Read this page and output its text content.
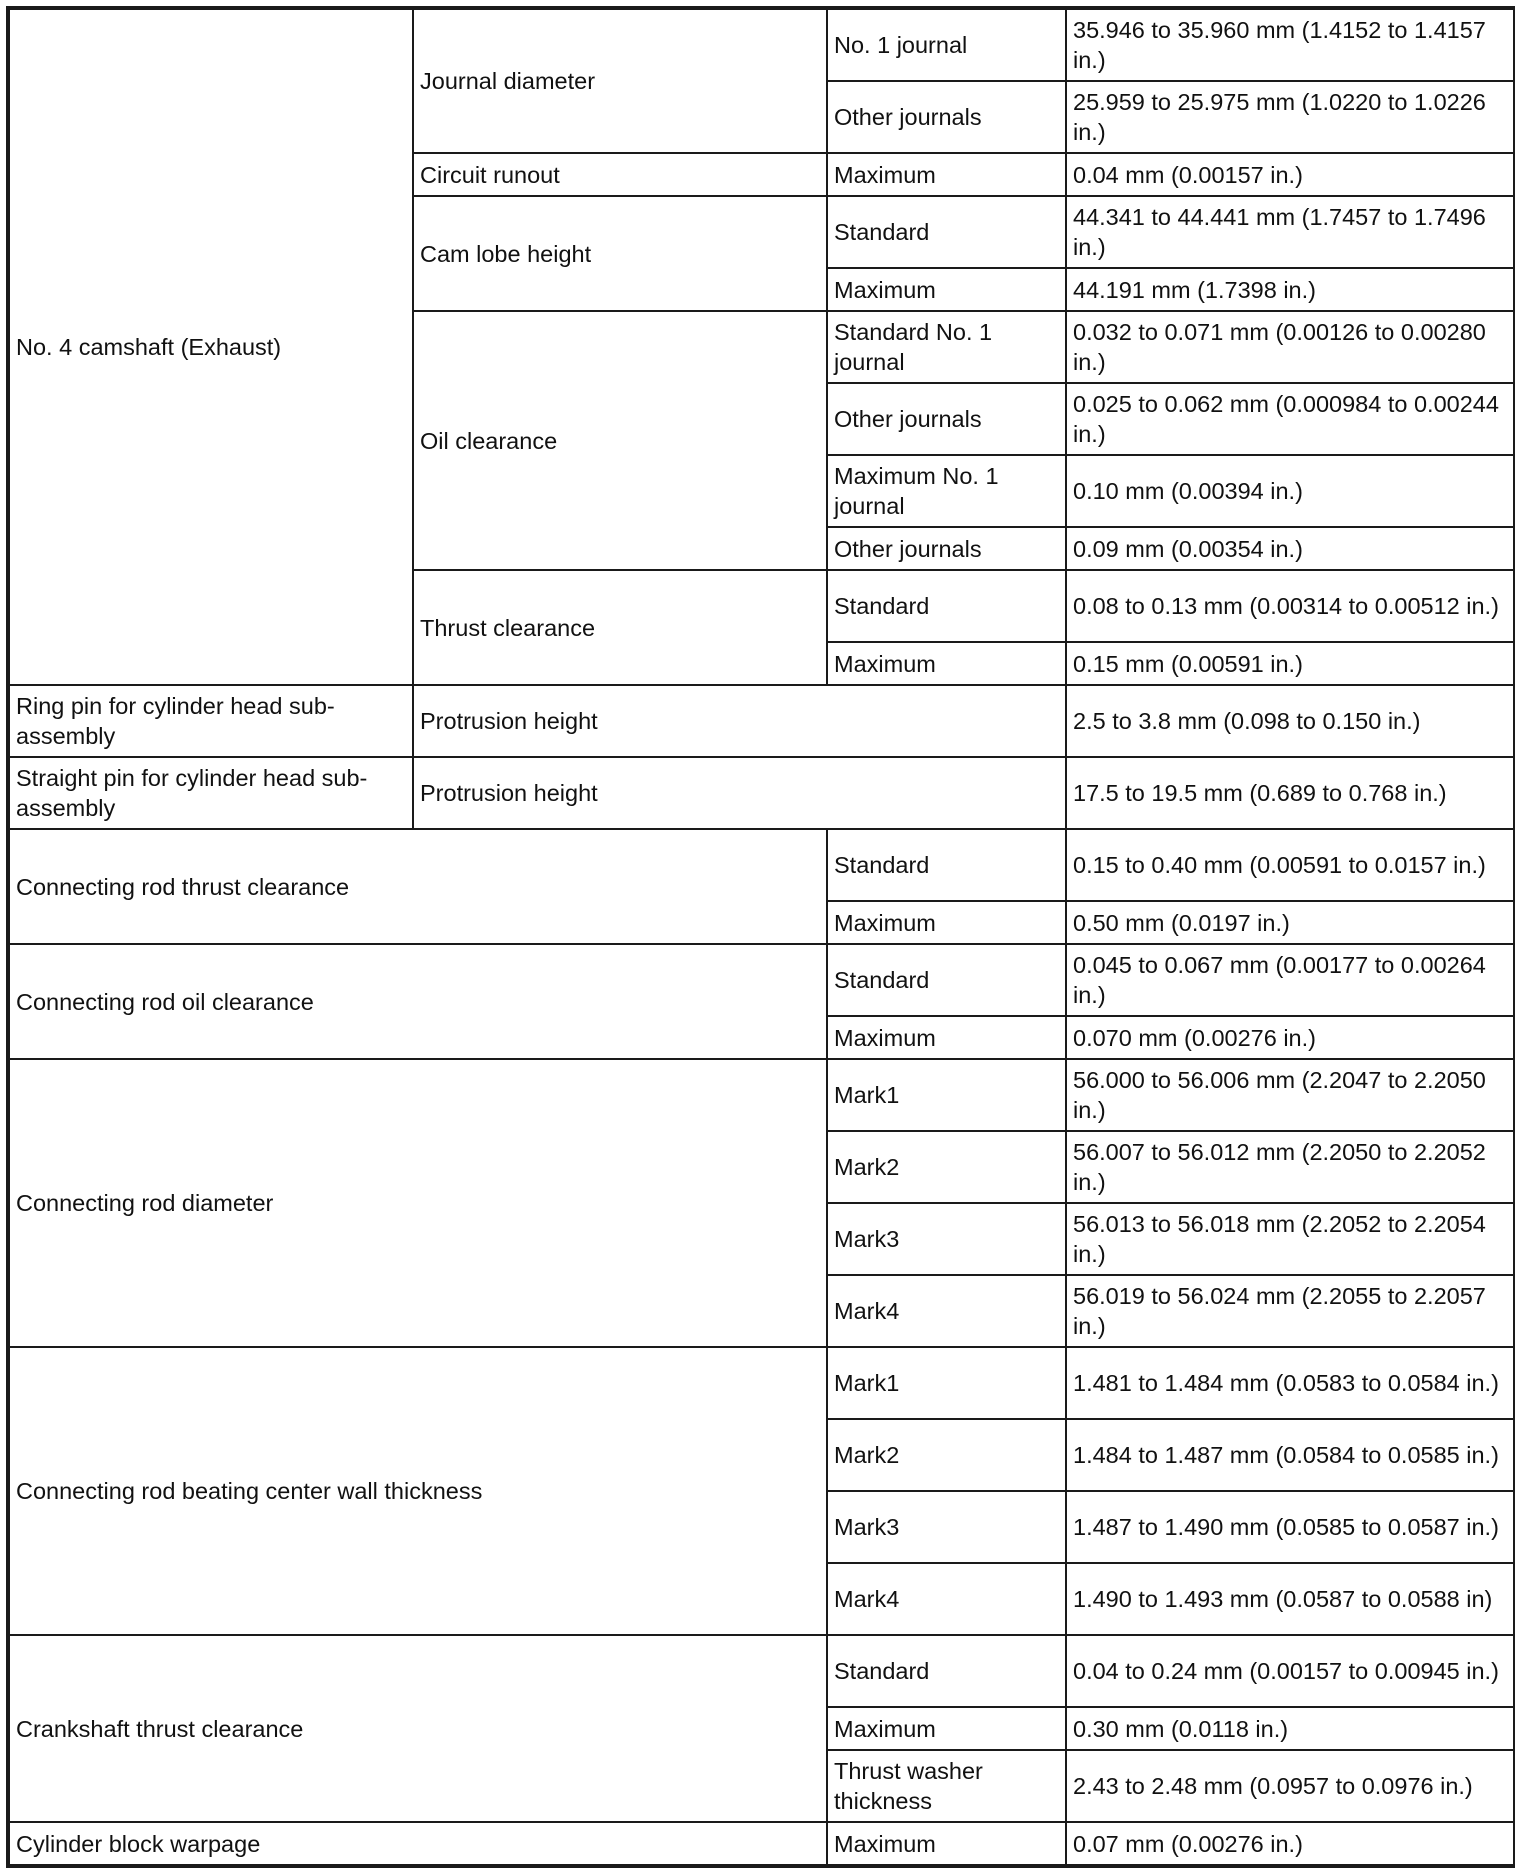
No. 4 camshaft (Exhaust)	Journal diameter	No. 1 journal	35.946 to 35.960 mm (1.4152 to 1.4157 in.)
		Other journals	25.959 to 25.975 mm (1.0220 to 1.0226 in.)
	Circuit runout	Maximum	0.04 mm (0.00157 in.)
	Cam lobe height	Standard	44.341 to 44.441 mm (1.7457 to 1.7496 in.)
		Maximum	44.191 mm (1.7398 in.)
	Oil clearance	Standard No. 1 journal	0.032 to 0.071 mm (0.00126 to 0.00280 in.)
		Other journals	0.025 to 0.062 mm (0.000984 to 0.00244 in.)
		Maximum No. 1 journal	0.10 mm (0.00394 in.)
		Other journals	0.09 mm (0.00354 in.)
	Thrust clearance	Standard	0.08 to 0.13 mm (0.00314 to 0.00512 in.)
		Maximum	0.15 mm (0.00591 in.)
Ring pin for cylinder head sub-assembly	Protrusion height		2.5 to 3.8 mm (0.098 to 0.150 in.)
Straight pin for cylinder head sub-assembly	Protrusion height		17.5 to 19.5 mm (0.689 to 0.768 in.)
Connecting rod thrust clearance		Standard	0.15 to 0.40 mm (0.00591 to 0.0157 in.)
		Maximum	0.50 mm (0.0197 in.)
Connecting rod oil clearance		Standard	0.045 to 0.067 mm (0.00177 to 0.00264 in.)
		Maximum	0.070 mm (0.00276 in.)
Connecting rod diameter		Mark1	56.000 to 56.006 mm (2.2047 to 2.2050 in.)
		Mark2	56.007 to 56.012 mm (2.2050 to 2.2052 in.)
		Mark3	56.013 to 56.018 mm (2.2052 to 2.2054 in.)
		Mark4	56.019 to 56.024 mm (2.2055 to 2.2057 in.)
Connecting rod beating center wall thickness		Mark1	1.481 to 1.484 mm (0.0583 to 0.0584 in.)
		Mark2	1.484 to 1.487 mm (0.0584 to 0.0585 in.)
		Mark3	1.487 to 1.490 mm (0.0585 to 0.0587 in.)
		Mark4	1.490 to 1.493 mm (0.0587 to 0.0588 in)
Crankshaft thrust clearance		Standard	0.04 to 0.24 mm (0.00157 to 0.00945 in.)
		Maximum	0.30 mm (0.0118 in.)
		Thrust washer thickness	2.43 to 2.48 mm (0.0957 to 0.0976 in.)
Cylinder block warpage		Maximum	0.07 mm (0.00276 in.)
